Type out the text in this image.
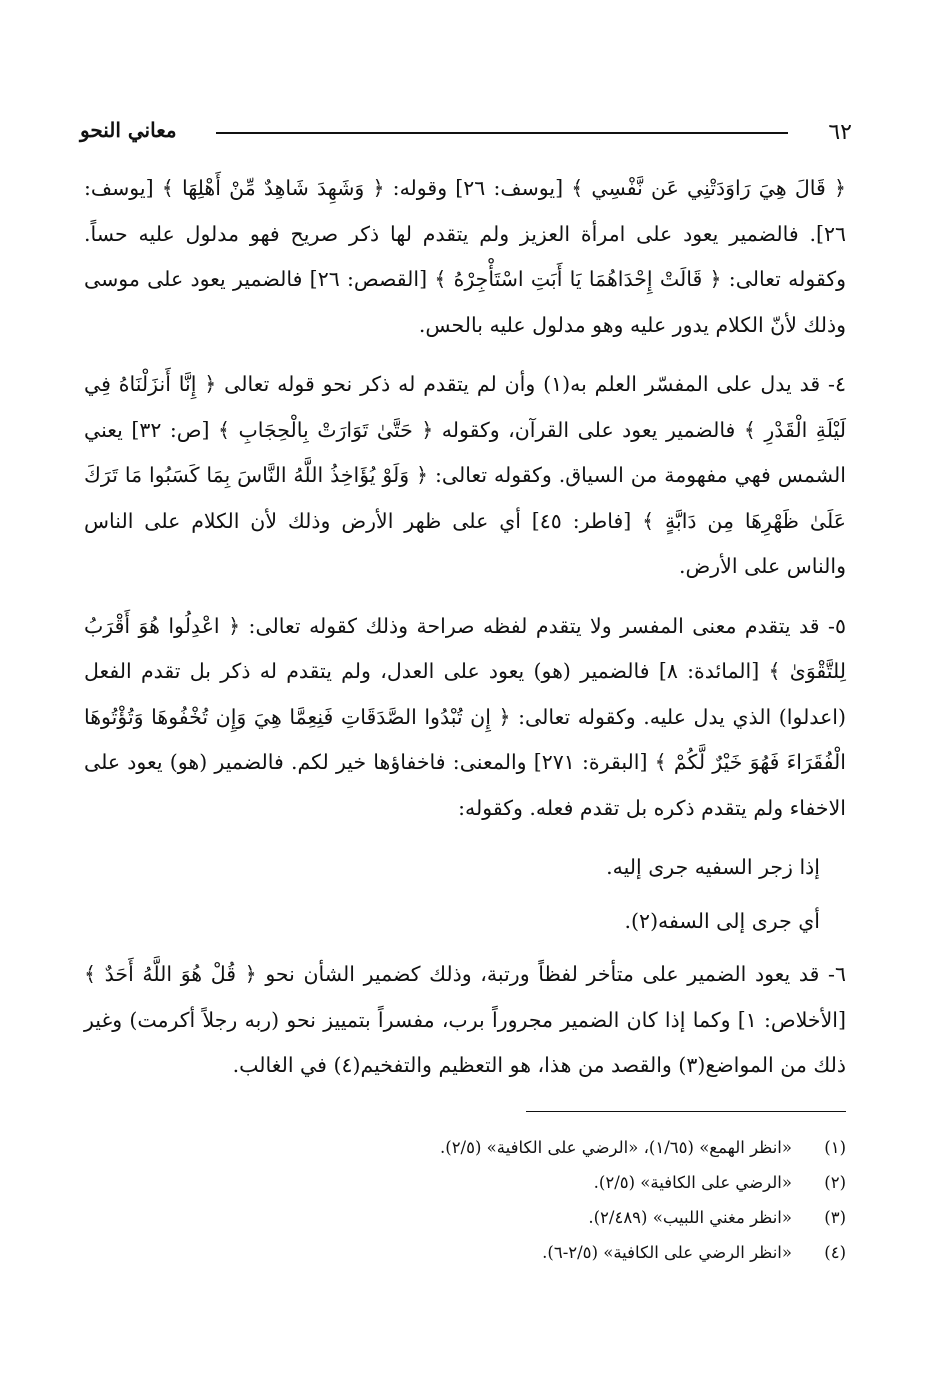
٦٢
معاني النحو

﴿ قَالَ هِيَ رَاوَدَتْنِي عَن نَّفْسِي ﴾ [يوسف: ٢٦] وقوله: ﴿ وَشَهِدَ شَاهِدٌ مِّنْ أَهْلِهَا ﴾ [يوسف: ٢٦]. فالضمير يعود على امرأة العزيز ولم يتقدم لها ذكر صريح فهو مدلول عليه حساً. وكقوله تعالى: ﴿ قَالَتْ إِحْدَاهُمَا يَا أَبَتِ اسْتَأْجِرْهُ ﴾ [القصص: ٢٦] فالضمير يعود على موسى وذلك لأنّ الكلام يدور عليه وهو مدلول عليه بالحس.

٤- قد يدل على المفسّر العلم به(١) وأن لم يتقدم له ذكر نحو قوله تعالى ﴿ إِنَّا أَنزَلْنَاهُ فِي لَيْلَةِ الْقَدْرِ ﴾ فالضمير يعود على القرآن، وكقوله ﴿ حَتَّىٰ تَوَارَتْ بِالْحِجَابِ ﴾ [ص: ٣٢] يعني الشمس فهي مفهومة من السياق. وكقوله تعالى: ﴿ وَلَوْ يُؤَاخِذُ اللَّهُ النَّاسَ بِمَا كَسَبُوا مَا تَرَكَ عَلَىٰ ظَهْرِهَا مِن دَابَّةٍ ﴾ [فاطر: ٤٥] أي على ظهر الأرض وذلك لأن الكلام على الناس والناس على الأرض.

٥- قد يتقدم معنى المفسر ولا يتقدم لفظه صراحة وذلك كقوله تعالى: ﴿ اعْدِلُوا هُوَ أَقْرَبُ لِلتَّقْوَىٰ ﴾ [المائدة: ٨] فالضمير (هو) يعود على العدل، ولم يتقدم له ذكر بل تقدم الفعل (اعدلوا) الذي يدل عليه. وكقوله تعالى: ﴿ إِن تُبْدُوا الصَّدَقَاتِ فَنِعِمَّا هِيَ وَإِن تُخْفُوهَا وَتُؤْتُوهَا الْفُقَرَاءَ فَهُوَ خَيْرٌ لَّكُمْ ﴾ [البقرة: ٢٧١] والمعنى: فاخفاؤها خير لكم. فالضمير (هو) يعود على الاخفاء ولم يتقدم ذكره بل تقدم فعله. وكقوله:

إذا زجر السفيه جرى إليه.

أي جرى إلى السفه(٢).

٦- قد يعود الضمير على متأخر لفظاً ورتبة، وذلك كضمير الشأن نحو ﴿ قُلْ هُوَ اللَّهُ أَحَدٌ ﴾ [الأخلاص: ١] وكما إذا كان الضمير مجروراً برب، مفسراً بتمييز نحو (ربه رجلاً أكرمت) وغير ذلك من المواضع(٣) والقصد من هذا، هو التعظيم والتفخيم(٤) في الغالب.

(١)
«انظر الهمع» (١/٦٥)، «الرضي على الكافية» (٢/٥).
(٢)
«الرضي على الكافية» (٢/٥).
(٣)
«انظر مغني اللبيب» (٢/٤٨٩).
(٤)
«انظر الرضي على الكافية» (٢/٥-٦).
